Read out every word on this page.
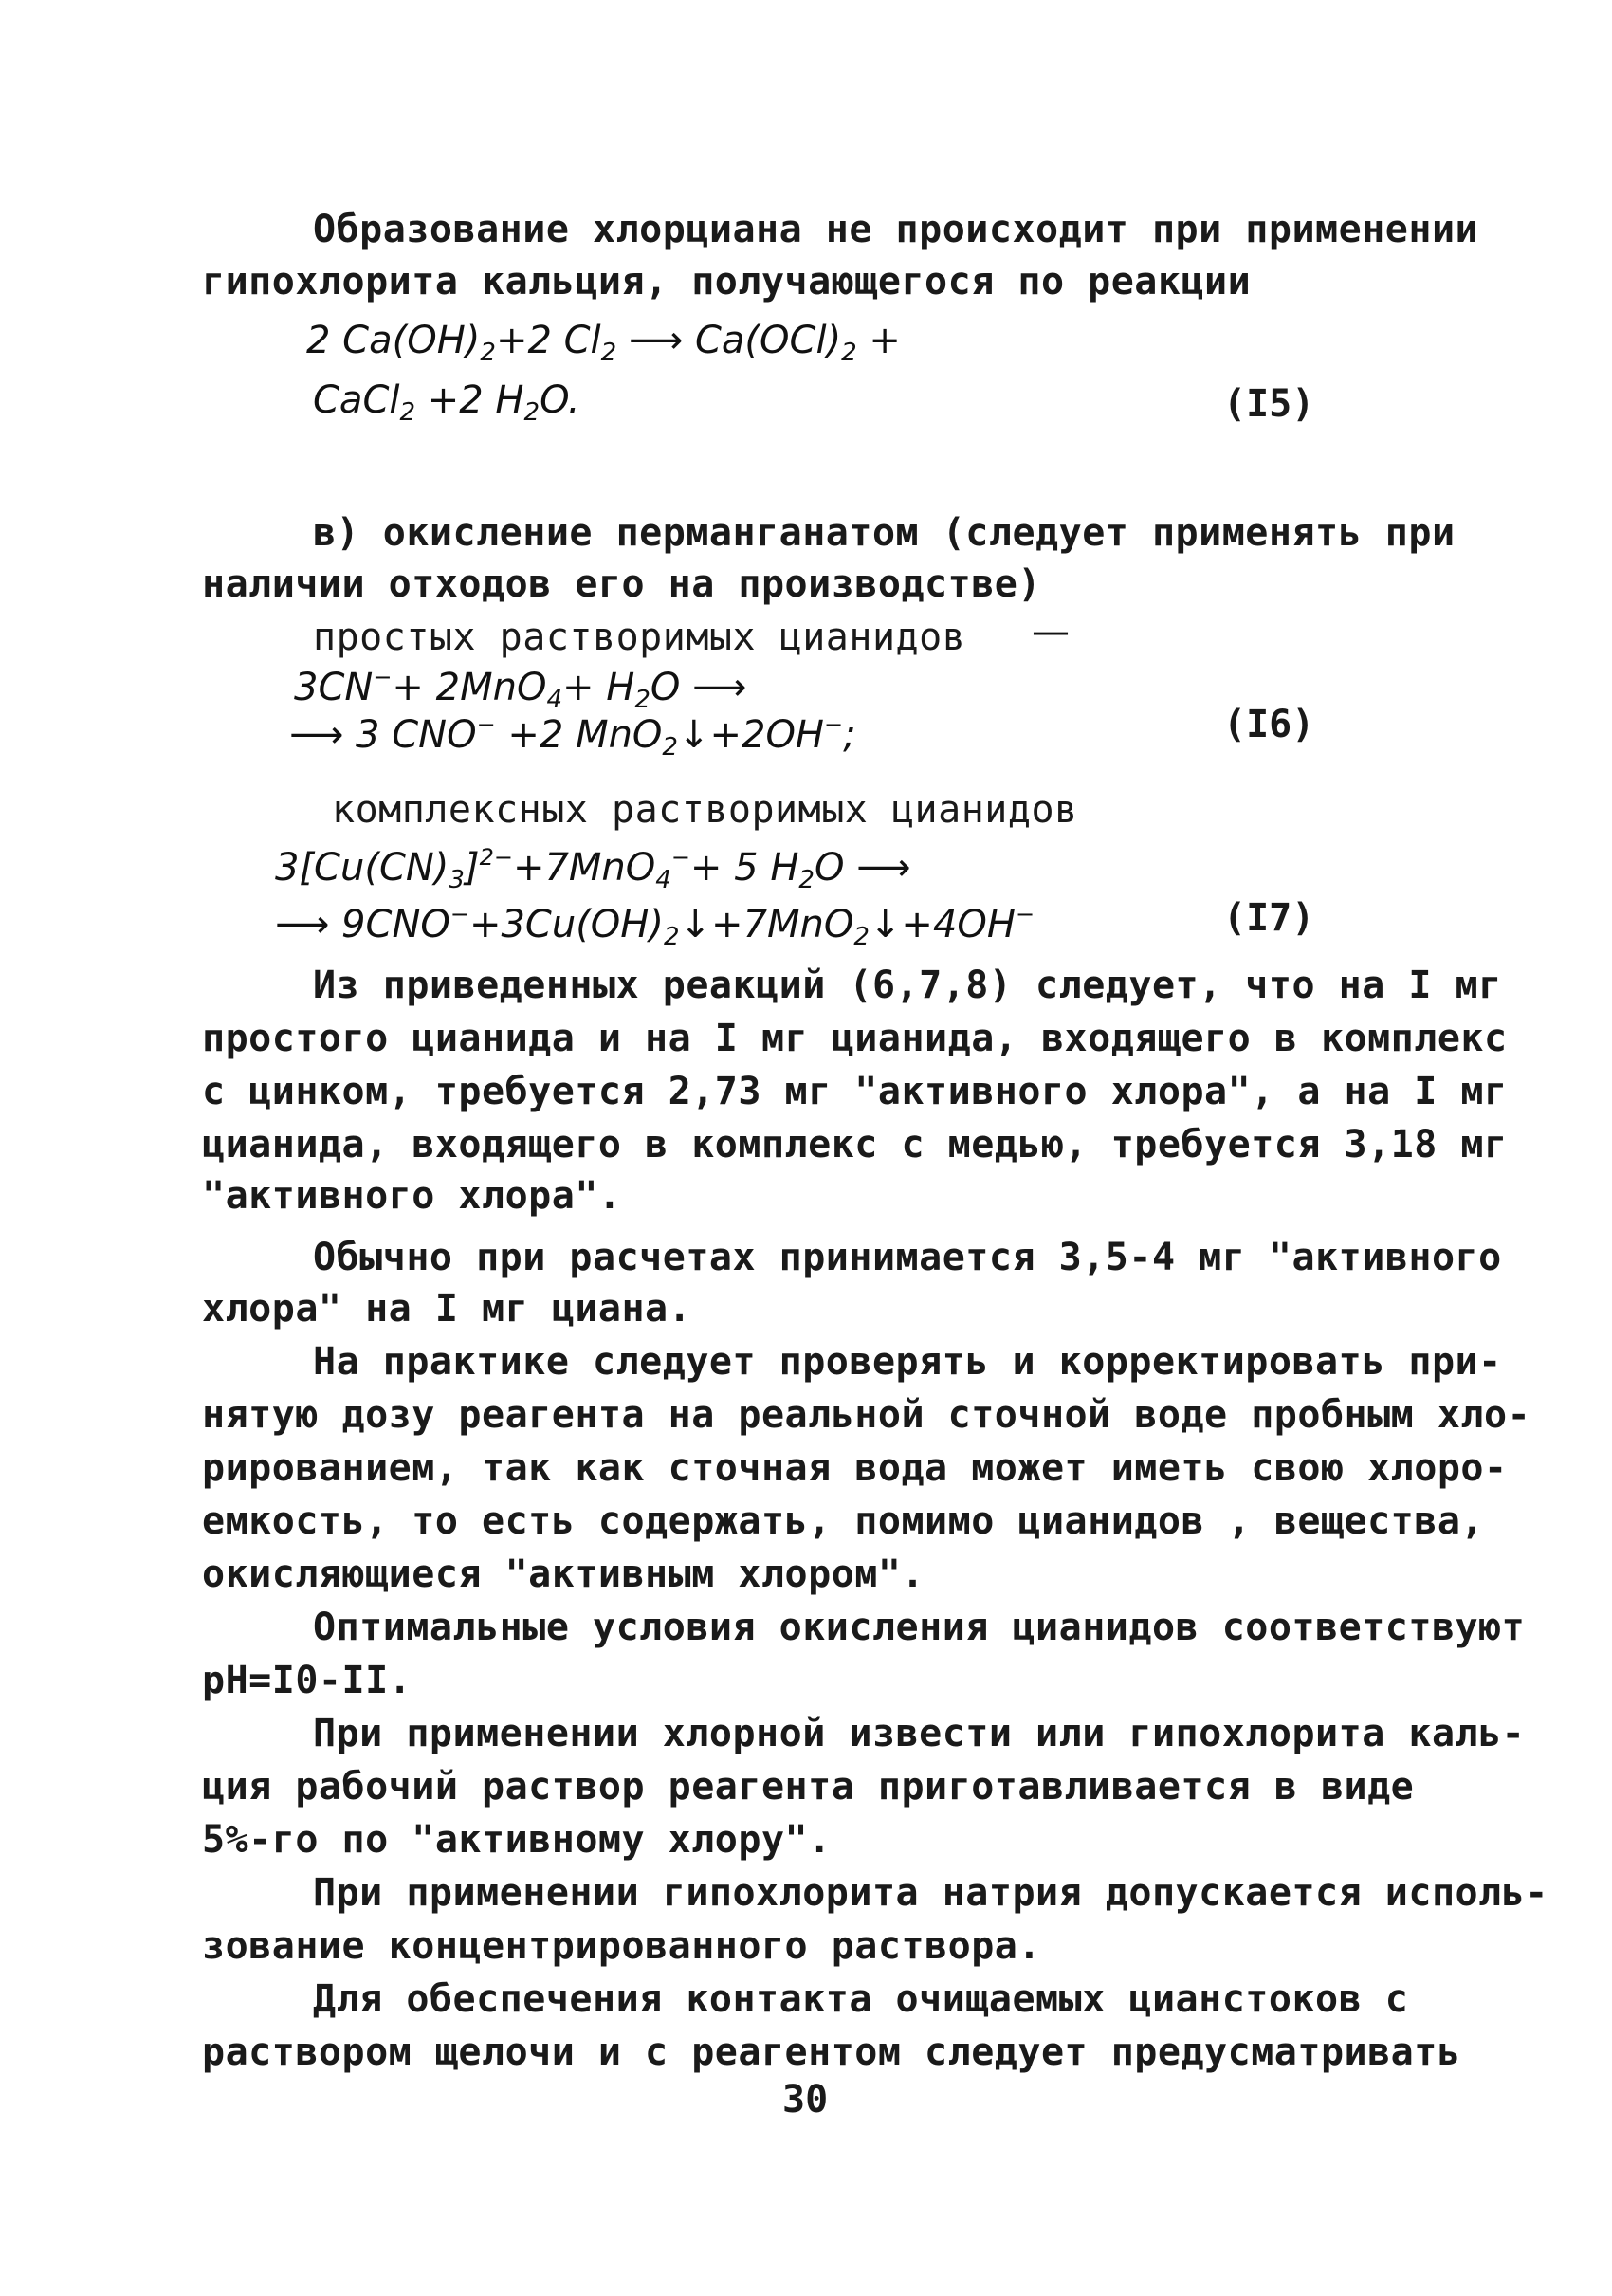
Образование хлорциана не происходит при применении
гипохлорита кальция, получающегося по реакции
2 $Ca(OH)_2+2$ $Cl_2$ ⟶ $Ca(OCl)_2$ +
CaCl$_2$ +2 $H_2O$.	(I5)
в) окисление перманганатом (следует применять при
наличии отходов его на производстве)
простых растворимых цианидов —
$3CN^-+ 2MnO_4+ H_2O$ ⟶
⟶ 3 CNO− +2 MnO$_2$↓+2OH−;	(I6)
комплексных растворимых цианидов
$3[Cu(CN)_3]^{2-}+7MnO_4^-+ 5$ $H_2O$ ⟶
⟶ $9CNO^-+3Cu(OH)_2↓+7MnO_2↓+4OH^-$	(I7)
Из приведенных реакций (6,7,8) следует, что на I мг
простого цианида и на I мг цианида, входящего в комплекс
с цинком, требуется 2,73 мг "активного хлора", а на I мг
цианида, входящего в комплекс с медью, требуется 3,18 мг
"активного хлора".
Обычно при расчетах принимается 3,5-4 мг "активного
хлора" на I мг циана.
На практике следует проверять и корректировать при-
нятую дозу реагента на реальной сточной воде пробным хло-
рированием, так как сточная вода может иметь свою хлоро-
емкость, то есть содержать, помимо цианидов , вещества,
окисляющиеся "активным хлором".
Оптимальные условия окисления цианидов соответствуют
pH=I0-II.
При применении хлорной извести или гипохлорита каль-
ция рабочий раствор реагента приготавливается в виде
5%-го по "активному хлору".
При применении гипохлорита натрия допускается исполь-
зование концентрированного раствора.
Для обеспечения контакта очищаемых цианстоков с
раствором щелочи и с реагентом следует предусматривать
30
